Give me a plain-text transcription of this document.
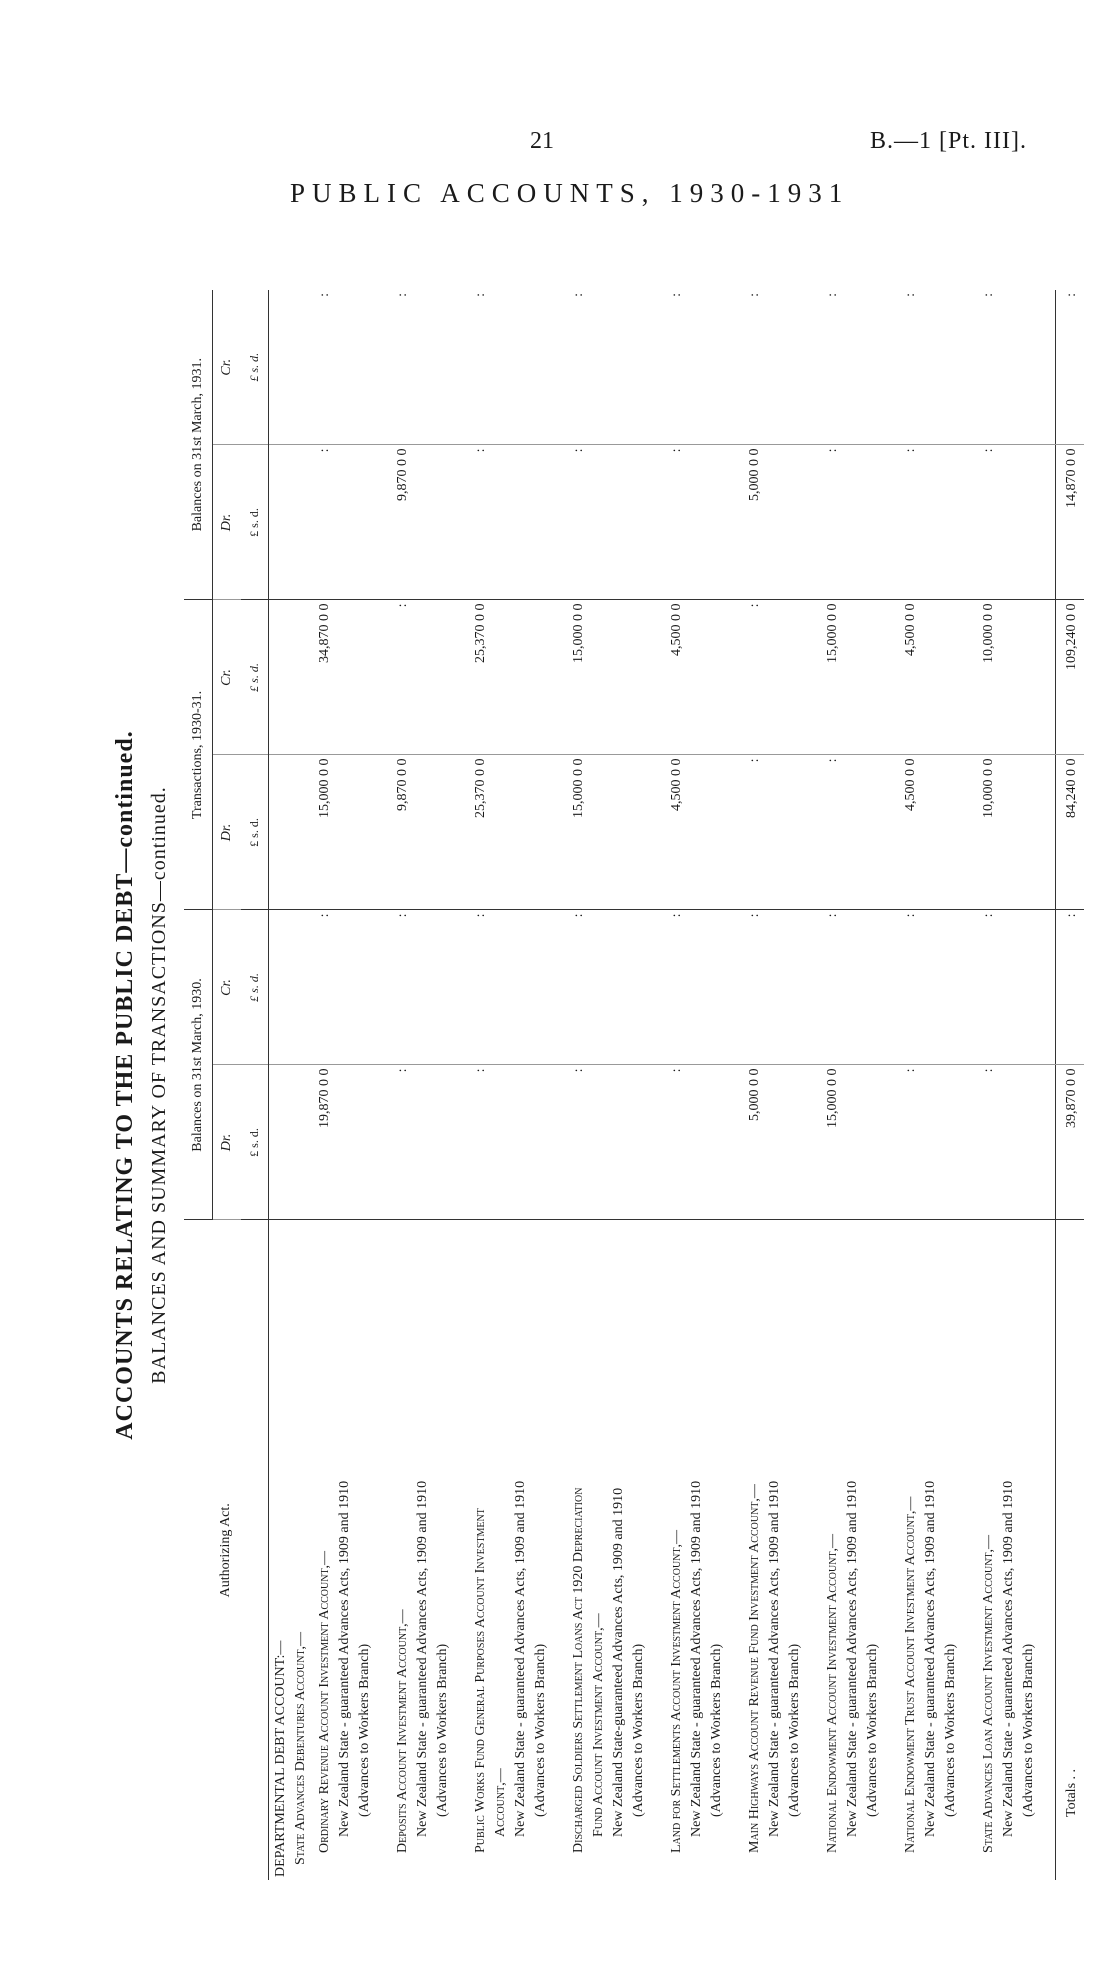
21	B.—1 [Pt. III].
PUBLIC ACCOUNTS, 1930-1931
ACCOUNTS RELATING TO THE PUBLIC DEBT—continued. BALANCES AND SUMMARY OF TRANSACTIONS—continued.
Authorizing Act.	Balances on 31st March, 1930.		Transactions, 1930-31.		Balances on 31st March, 1931.	
	Dr.	Cr.	Dr.	Cr.	Dr.	Cr.
	£ s. d.	£ s. d.	£ s. d.	£ s. d.	£ s. d.	£ s. d.

DEPARTMENTAL DEBT ACCOUNT:— State Advances Debentures Account,—						

Ordinary Revenue Account Investment Account,— New Zealand State - guaranteed Advances Acts, 1909 and 1910 (Advances to Workers Branch)	19,870 0 0	:	15,000 0 0	34,870 0 0	:	:

Deposits Account Investment Account,— New Zealand State - guaranteed Advances Acts, 1909 and 1910 (Advances to Workers Branch)	:	:	9,870 0 0	:	9,870 0 0	:

Public Works Fund General Purposes Account Investment Account,— New Zealand State - guaranteed Advances Acts, 1909 and 1910 (Advances to Workers Branch)	:	:	25,370 0 0	25,370 0 0	:	:

Discharged Soldiers Settlement Loans Act 1920 Depreciation Fund Account Investment Account,— New Zealand State-guaranteed Advances Acts, 1909 and 1910 (Advances to Workers Branch)	:	:	15,000 0 0	15,000 0 0	:	:

Land for Settlements Account Investment Account,— New Zealand State - guaranteed Advances Acts, 1909 and 1910 (Advances to Workers Branch)	:	:	4,500 0 0	4,500 0 0	:	:

Main Highways Account Revenue Fund Investment Account,— New Zealand State - guaranteed Advances Acts, 1909 and 1910 (Advances to Workers Branch)	5,000 0 0	:	:	:	5,000 0 0	:

National Endowment Account Investment Account,— New Zealand State - guaranteed Advances Acts, 1909 and 1910 (Advances to Workers Branch)	15,000 0 0	:	:	15,000 0 0	:	:

National Endowment Trust Account Investment Account,— New Zealand State - guaranteed Advances Acts, 1909 and 1910 (Advances to Workers Branch)	:	:	4,500 0 0	4,500 0 0	:	:

State Advances Loan Account Investment Account,— New Zealand State - guaranteed Advances Acts, 1909 and 1910 (Advances to Workers Branch)	:	:	10,000 0 0	10,000 0 0	:	:

Totals . .	39,870 0 0	:	84,240 0 0	109,240 0 0	14,870 0 0	:
